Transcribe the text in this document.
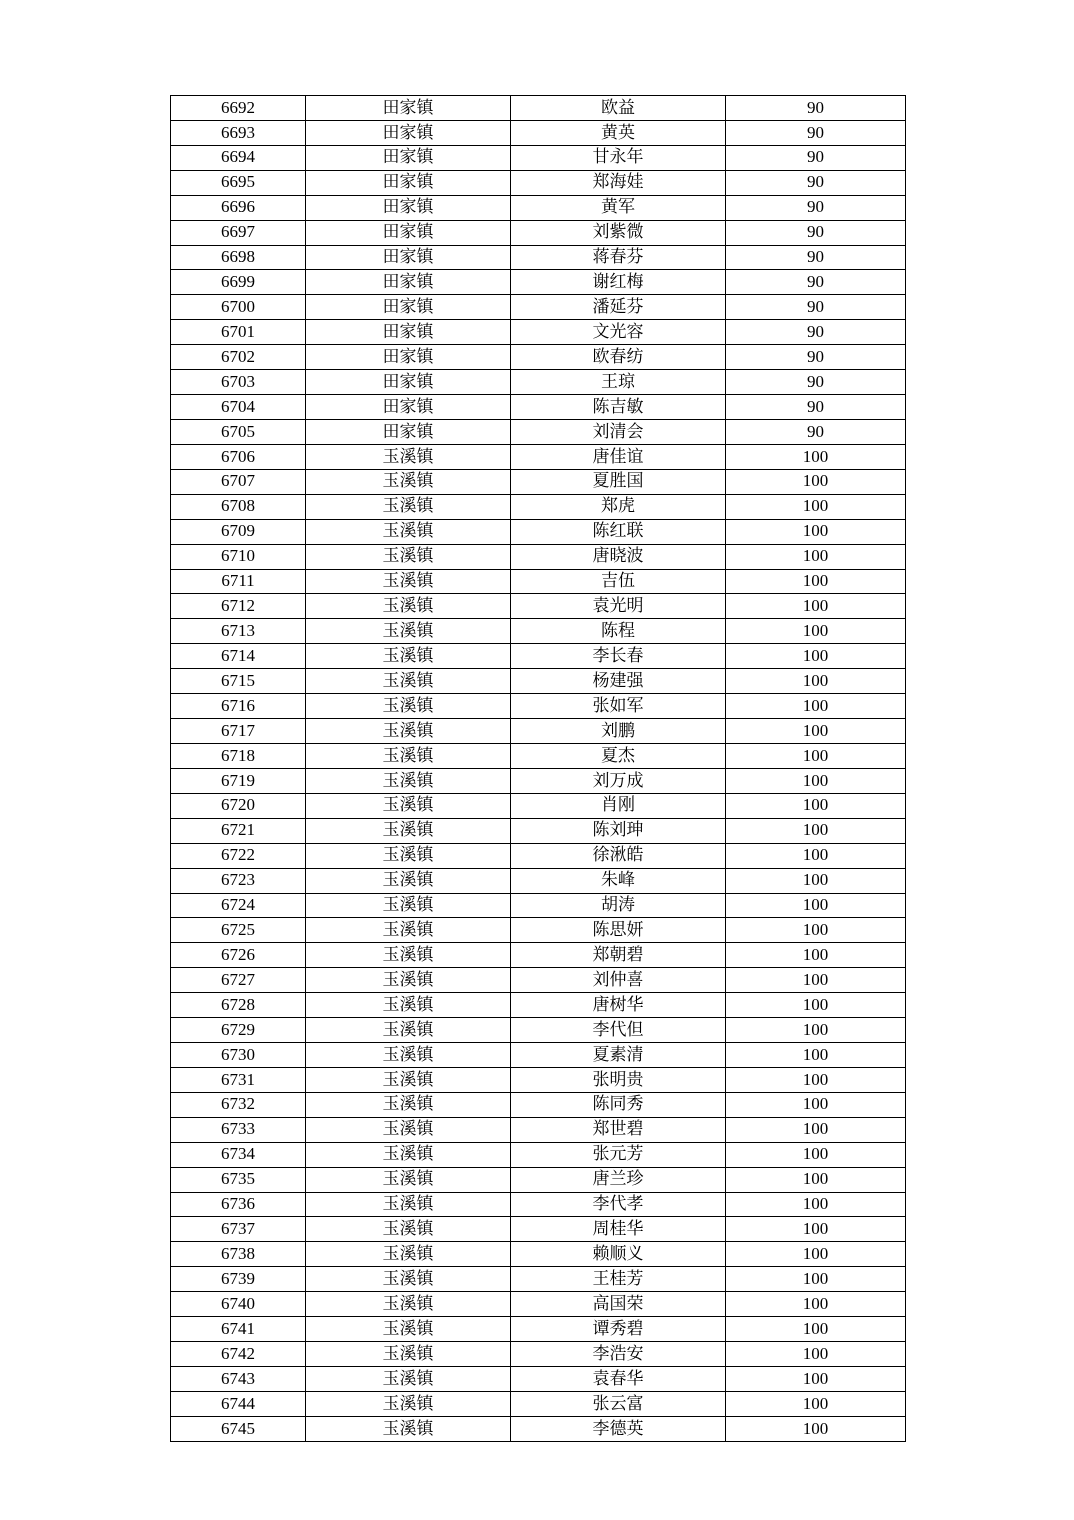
6692	田家镇	欧益	90
6693	田家镇	黄英	90
6694	田家镇	甘永年	90
6695	田家镇	郑海娃	90
6696	田家镇	黄军	90
6697	田家镇	刘紫微	90
6698	田家镇	蒋春芬	90
6699	田家镇	谢红梅	90
6700	田家镇	潘延芬	90
6701	田家镇	文光容	90
6702	田家镇	欧春纺	90
6703	田家镇	王琼	90
6704	田家镇	陈吉敏	90
6705	田家镇	刘清会	90
6706	玉溪镇	唐佳谊	100
6707	玉溪镇	夏胜国	100
6708	玉溪镇	郑虎	100
6709	玉溪镇	陈红联	100
6710	玉溪镇	唐晓波	100
6711	玉溪镇	吉伍	100
6712	玉溪镇	袁光明	100
6713	玉溪镇	陈程	100
6714	玉溪镇	李长春	100
6715	玉溪镇	杨建强	100
6716	玉溪镇	张如军	100
6717	玉溪镇	刘鹏	100
6718	玉溪镇	夏杰	100
6719	玉溪镇	刘万成	100
6720	玉溪镇	肖刚	100
6721	玉溪镇	陈刘珅	100
6722	玉溪镇	徐湫皓	100
6723	玉溪镇	朱峰	100
6724	玉溪镇	胡涛	100
6725	玉溪镇	陈思妍	100
6726	玉溪镇	郑朝碧	100
6727	玉溪镇	刘仲喜	100
6728	玉溪镇	唐树华	100
6729	玉溪镇	李代但	100
6730	玉溪镇	夏素清	100
6731	玉溪镇	张明贵	100
6732	玉溪镇	陈同秀	100
6733	玉溪镇	郑世碧	100
6734	玉溪镇	张元芳	100
6735	玉溪镇	唐兰珍	100
6736	玉溪镇	李代孝	100
6737	玉溪镇	周桂华	100
6738	玉溪镇	赖顺义	100
6739	玉溪镇	王桂芳	100
6740	玉溪镇	高国荣	100
6741	玉溪镇	谭秀碧	100
6742	玉溪镇	李浩安	100
6743	玉溪镇	袁春华	100
6744	玉溪镇	张云富	100
6745	玉溪镇	李德英	100
